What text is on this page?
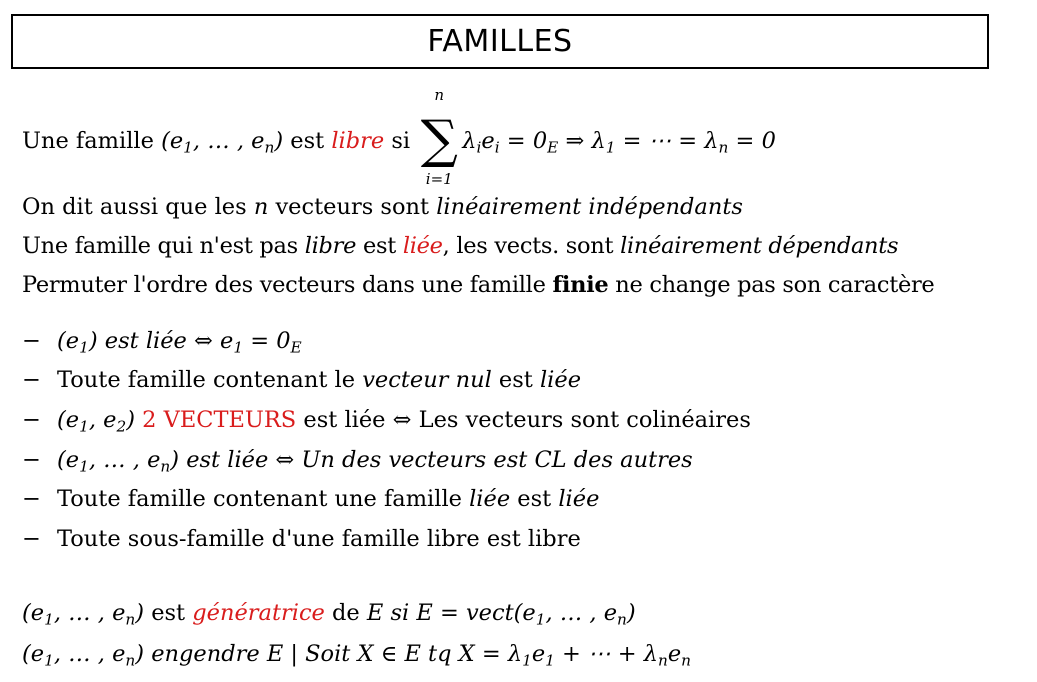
FAMILLES
Une famille ($e_1$, … , $e_n$) est libre si
n
∑
i=1
$\lambda_ie_i = 0_E$ ⇒ $\lambda_1$ = ⋯ = $\lambda_n = 0$
On dit aussi que les n vecteurs sont linéairement indépendants
Une famille qui n'est pas libre est liée, les vects. sont linéairement dépendants
Permuter l'ordre des vecteurs dans une famille finie ne change pas son caractère
− $(e_1)$ est liée ⇔ $e_1 = 0_E$
− Toute famille contenant le vecteur nul est liée
− ($e_1$, $e_2$) 2 VECTEURS est liée ⇔ Les vecteurs sont colinéaires
− ($e_1$, … , $e_n$) est liée ⇔ Un des vecteurs est CL des autres
− Toute famille contenant une famille liée est liée
− Toute sous-famille d'une famille libre est libre
($e_1$, … , $e_n$) est génératrice de E si $E = vect(e_1$, … , $e_n$)
($e_1$, … , $e_n$) engendre E | Soit X ∈ E tq $X = \lambda_1e_1$ + ⋯ + $\lambda_ne_n$
